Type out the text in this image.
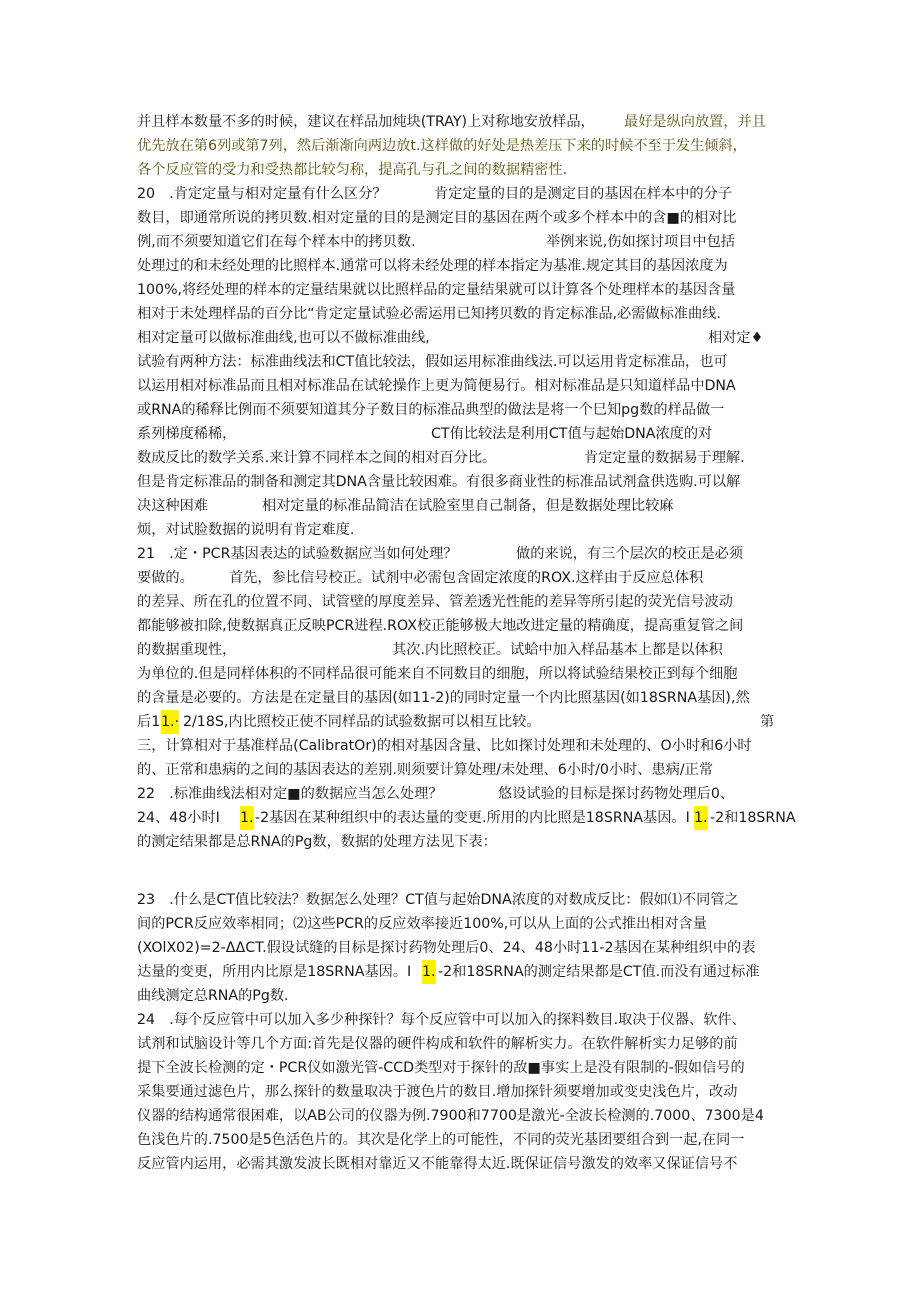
并且样本数量不多的时候，建议在样品加炖块(TRAY)上对称地安放样品， 最好是纵向放置，并且
优先放在第6列或第7列，然后渐渐向两边放t.这样做的好处是热差压下来的时候不至于发生倾斜，
各个反应管的受力和受热都比较匀称，提高孔与孔之间的数据精密性.
20　.肯定定量与相对定量有什么区分？	肯定定量的目的是测定目的基因在样本中的分子
数目，即通常所说的拷贝数.相对定量的目的是测定目的基因在两个或多个样本中的含■的相对比
例,而不须要知道它们在每个样本中的拷贝数.	举例来说,伤如探讨项目中包括
处理过的和未经处理的比照样本.通常可以将未经处理的样本指定为基准.规定其目的基因浓度为
100%,将经处理的样本的定量结果就以比照样品的定量结果就可以计算各个处理样本的基因含量
相对于未处理样品的百分比“肯定定量试验必需运用已知拷贝数的肯定标准品,必需做标准曲线.
相对定量可以做标准曲线,也可以不做标准曲线,	相对定♦
试验有两种方法：标准曲线法和CT值比较法，假如运用标准曲线法.可以运用肯定标准品，也可
以运用相对标准品而且相对标准品在试轮操作上更为简便易行。相对标准品是只知道样品中DNA
或RNA的稀释比例而不须要知道其分子数目的标准品典型的做法是将一个巳知pg数的样品做一
系列梯度稀稀，	CT侑比较法是利用CT值与起始DNA浓度的对
数成反比的数学关系.来计算不同样本之间的相对百分比。	肯定定量的数据易于理解.
但是肯定标准品的制备和测定其DNA含量比较困难。有很多商业性的标准品试剂盒供选购.可以解
决这种困难	相对定量的标准品简洁在试脸室里自己制备，但是数据处理比较麻
烦，对试脸数据的说明有肯定难度.
21　.定・PCR基因表达的试验数据应当如何处理？	做的来说，有三个层次的校正是必须
要做的。 首先，参比信号校正。试剂中必需包含固定浓度的ROX.这样由于反应总体积
的差异、所在孔的位置不同、试管壁的厚度差异、管差透光性能的差异等所引起的荧光信号波动
都能够被扣除,使数据真正反映PCR进程.ROX校正能够极大地改进定量的精确度，提高重复管之间
的数据重现性，	其次.内比照校正。试蛤中加入样品基本上都是以体积
为单位的.但是同样体积的不同样品很可能来自不同数目的细胞，所以将试验结果校正到每个细胞
的含量是必要的。方法是在定量目的基因(如11-2)的同时定量一个内比照基因(如18SRNA基因),然
后1 1.· 2/18S,内比照校正使不同样品的试验数据可以相互比较。	第
三，计算相对于基准样品(CalibratOr)的相对基因含量、比如探讨处理和未处理的、O小时和6小时
的、正常和患病的之间的基因表达的差别.则须要计算处理/未处理、6小时/0小时、患病/正常
22　.标准曲线法相对定■的数据应当怎么处理？	悠设试验的目标是探讨药物处理后0、
24、48小时I 1. -2基因在某种组织中的表达量的变更.所用的内比照是18SRNA基因。I 1. -2和18SRNA
的测定结果都是总RNA的Pg数，数据的处理方法见下表：
23　.什么是CT值比较法？数据怎么处理？CT值与起始DNA浓度的对数成反比：假如⑴不同管之
间的PCR反应效率相同；⑵这些PCR的反应效率接近100%,可以从上面的公式推出相对含量
(XOlX02)=2-ΔΔCT.假设试缝的目标是探讨药物处理后0、24、48小时11-2基因在某种组织中的表
达量的变更，所用内比原是18SRNA基因。I 1. -2和18SRNA的测定结果都是CT值.而没有通过标准
曲线测定总RNA的Pg数.
24　.每个反应管中可以加入多少种探针？每个反应管中可以加入的探料数目.取决于仪器、软件、
试剂和试脑设计等几个方面:首先是仪器的硬件构成和软件的解析实力。在软件解析实力足够的前
提下全波长检测的定・PCR仪如激光管-CCD类型对于探针的敌■事实上是没有限制的-假如信号的
采集要通过滤色片，那么探针的数量取决于渡色片的数目.增加探针须要增加或变史浅色片，改动
仪器的结构通常很困难，以AB公司的仪器为例.7900和7700是激光-全波长检测的.7000、7300是4
色浅色片的.7500是5色活色片的。其次是化学上的可能性，不同的荧光基团要组合到一起,在同一
反应管内运用，必需其激发波长既相对靠近又不能靠得太近.既保证信号激发的效率又保证信号不
